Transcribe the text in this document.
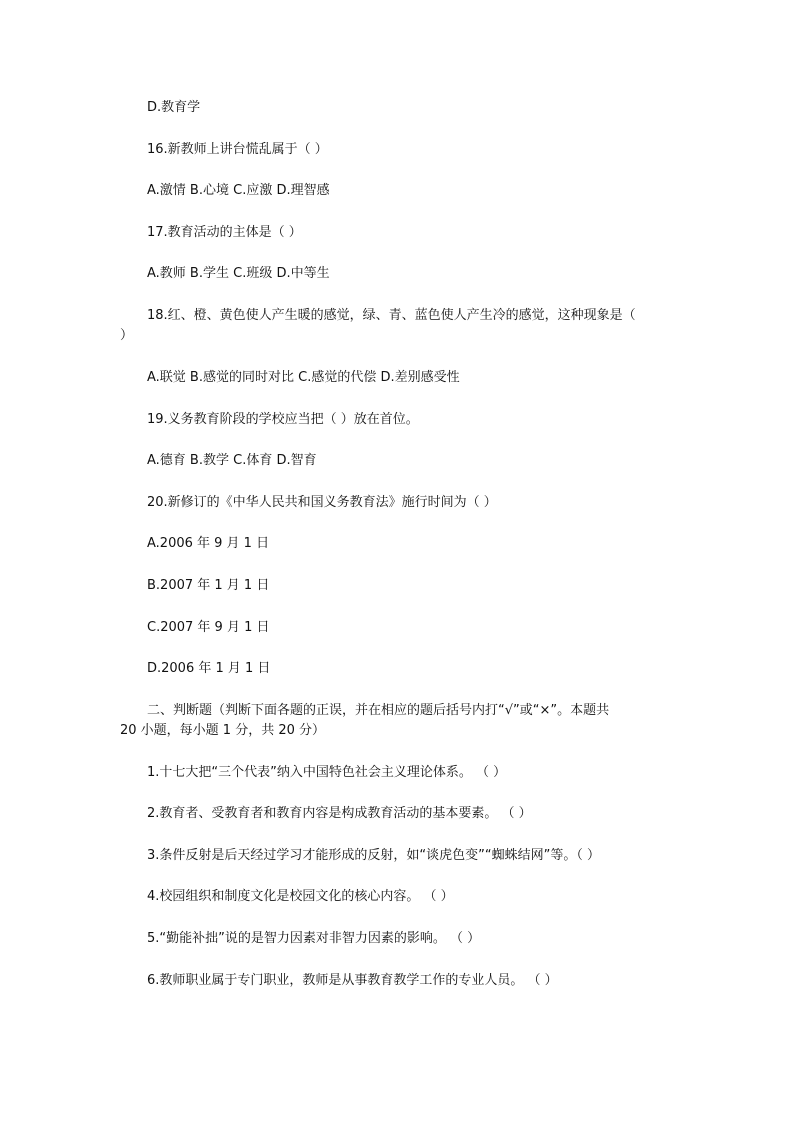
D.教育学
16.新教师上讲台慌乱属于（ ）
A.激情 B.心境 C.应激 D.理智感
17.教育活动的主体是（ ）
A.教师 B.学生 C.班级 D.中等生
18.红、橙、黄色使人产生暖的感觉，绿、青、蓝色使人产生冷的感觉，这种现象是（
）
A.联觉 B.感觉的同时对比 C.感觉的代偿 D.差别感受性
19.义务教育阶段的学校应当把（ ）放在首位。
A.德育 B.教学 C.体育 D.智育
20.新修订的《中华人民共和国义务教育法》施行时间为（ ）
A.2006 年 9 月 1 日
B.2007 年 1 月 1 日
C.2007 年 9 月 1 日
D.2006 年 1 月 1 日
二、判断题（判断下面各题的正误，并在相应的题后括号内打“√”或“×”。本题共
20 小题，每小题 1 分，共 20 分）
1.十七大把“三个代表”纳入中国特色社会主义理论体系。 （ ）
2.教育者、受教育者和教育内容是构成教育活动的基本要素。 （ ）
3.条件反射是后天经过学习才能形成的反射，如“谈虎色变”“蜘蛛结网”等。（ ）
4.校园组织和制度文化是校园文化的核心内容。 （ ）
5.“勤能补拙”说的是智力因素对非智力因素的影响。 （ ）
6.教师职业属于专门职业，教师是从事教育教学工作的专业人员。 （ ）
